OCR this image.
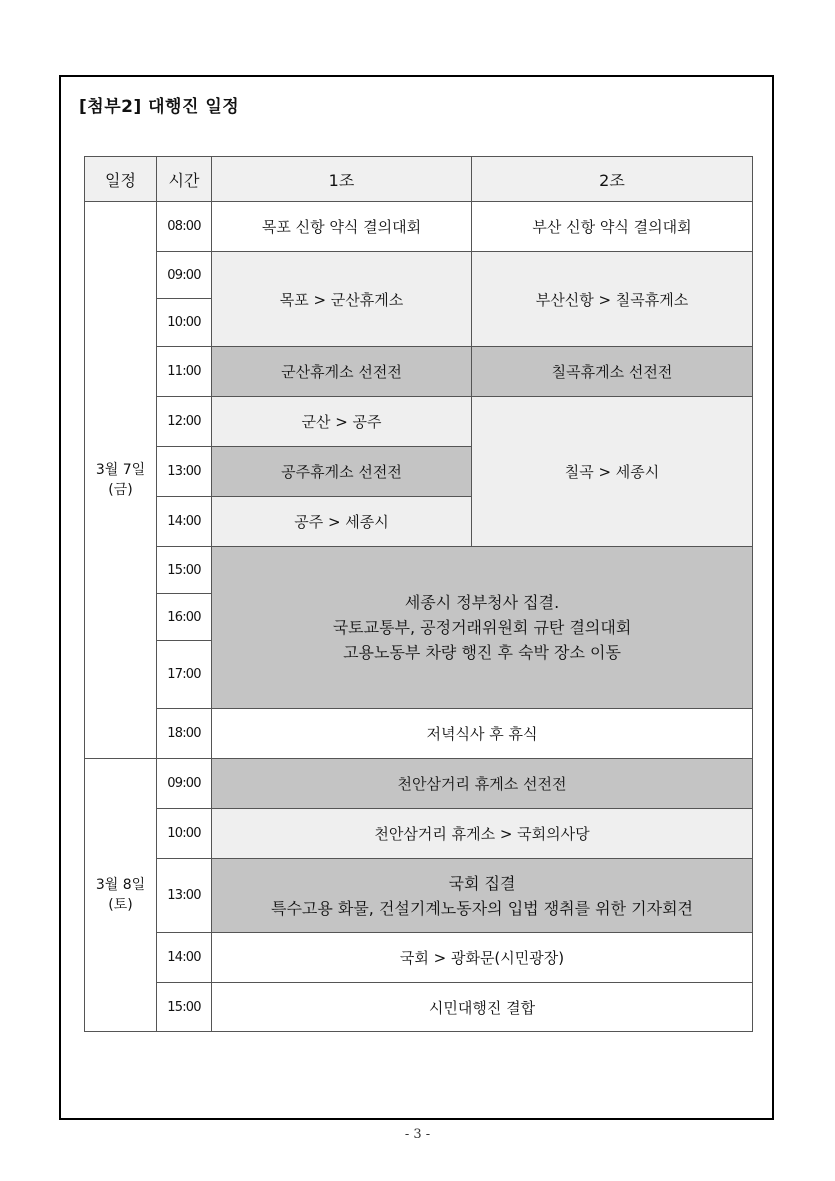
[첨부2] 대행진 일정
일정	시간	1조	2조

3월 7일
(금)	08:00	목포 신항 약식 결의대회	부산 신항 약식 결의대회
	09:00	목포 > 군산휴게소	부산신항 > 칠곡휴게소
	10:00		
	11:00	군산휴게소 선전전	칠곡휴게소 선전전
	12:00	군산 > 공주	칠곡 > 세종시
	13:00	공주휴게소 선전전	
	14:00	공주 > 세종시	
	15:00	세종시 정부청사 집결.
국토교통부, 공정거래위원회 규탄 결의대회
고용노동부 차량 행진 후 숙박 장소 이동	

	16:00		
	17:00		
	18:00	저녁식사 후 휴식	

3월 8일
(토)	09:00	천안삼거리 휴게소 선전전	
	10:00	천안삼거리 휴게소 > 국회의사당	
	13:00	국회 집결
특수고용 화물, 건설기계노동자의 입법 쟁취를 위한 기자회견	

	14:00	국회 > 광화문(시민광장)	
	15:00	시민대행진 결합	
- 3 -
